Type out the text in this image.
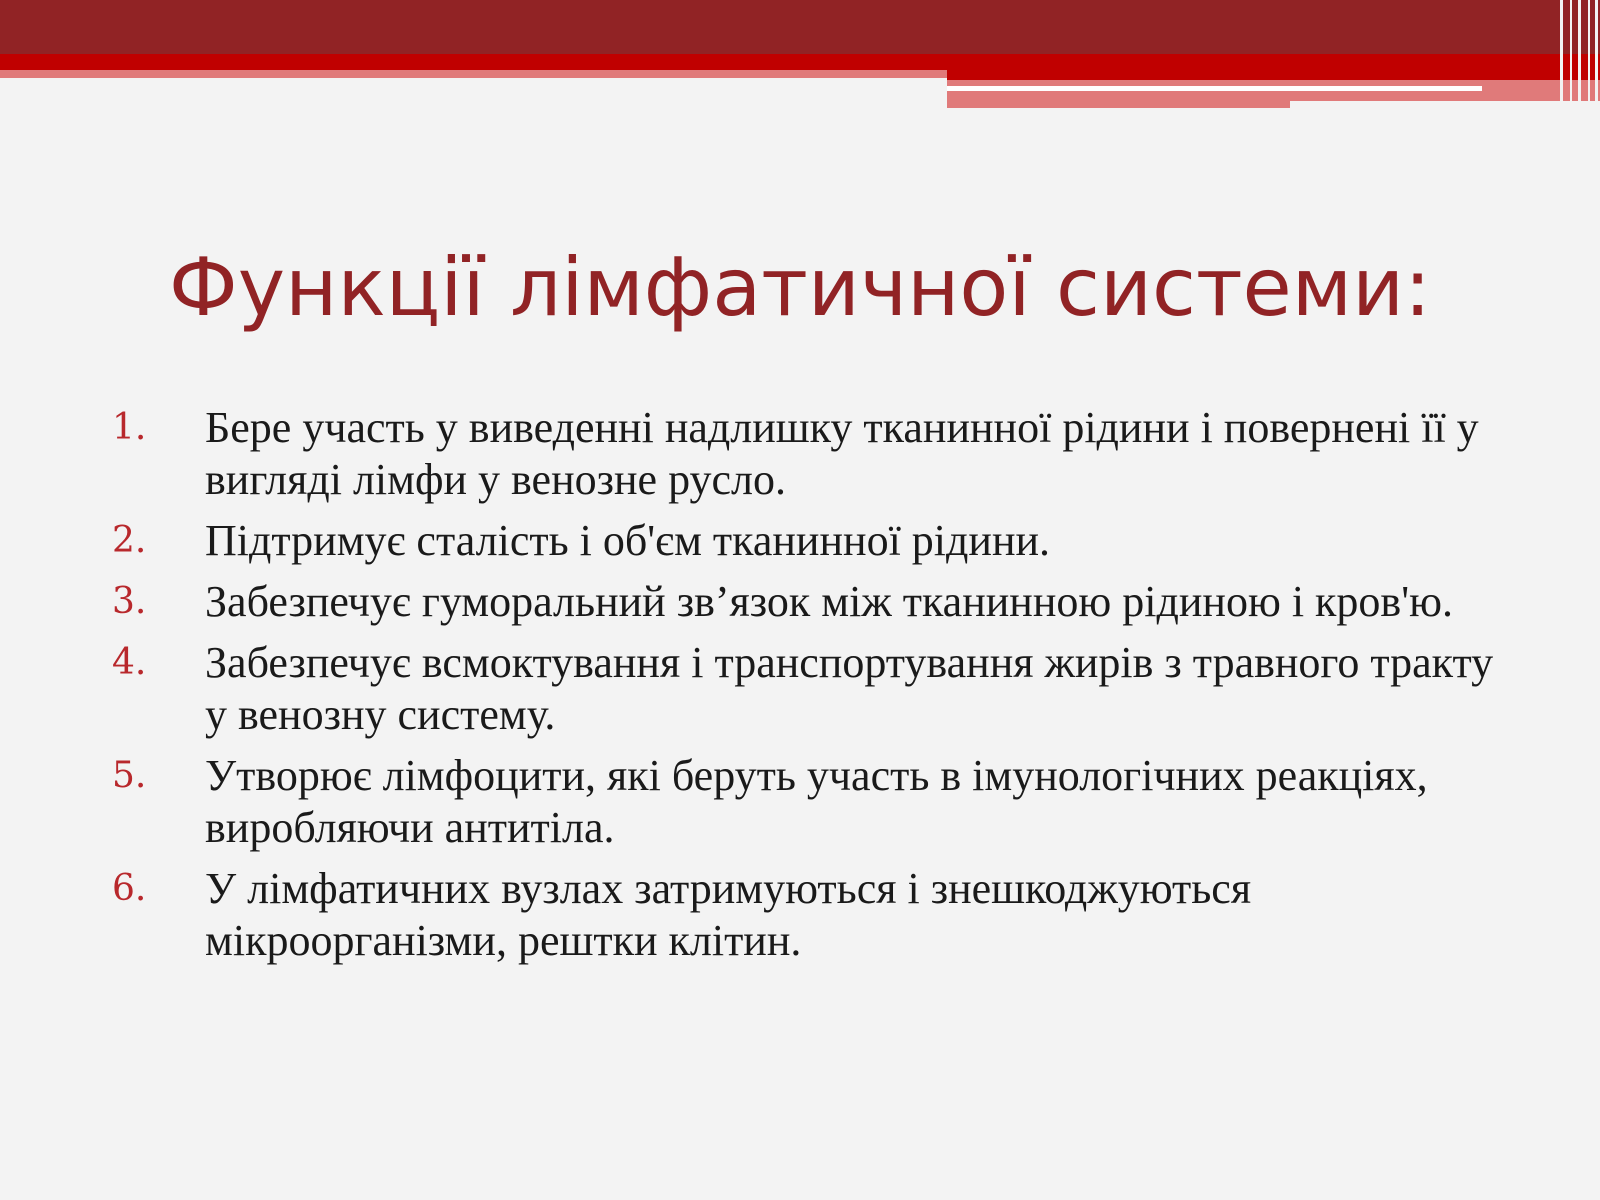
Функції лімфатичної системи:
1.	Бере участь у виведенні надлишку тканинної рідини і повернені її у вигляді лімфи у венозне русло.
2.	Підтримує сталість і об'єм тканинної рідини.
3.	Забезпечує гуморальний зв’язок між тканинною рідиною і кров'ю.
4.	Забезпечує всмоктування і транспортування жирів з травного тракту у венозну систему.
5.	Утворює лімфоцити, які беруть участь в імунологічних реакціях, виробляючи антитіла.
6.	У лімфатичних вузлах затримуються і знешкоджуються мікроорганізми, рештки клітин.
